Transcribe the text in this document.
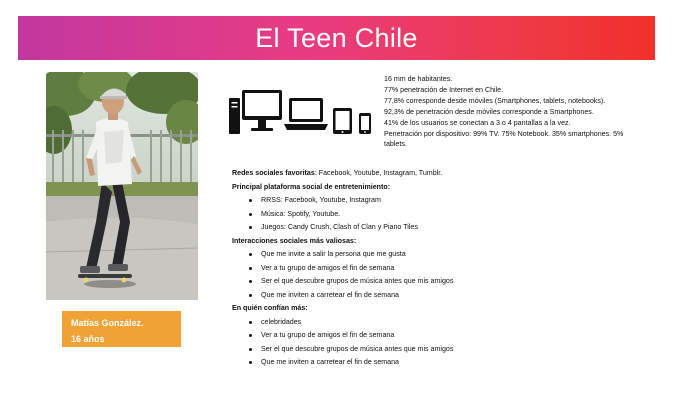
El Teen Chile
Matías González.
16 años

16 mm de habitantes.

77% penetración de Internet en Chile.

77,8% corresponde desde móviles (Smartphones, tablets, notebooks).

92,3% de penetración desde móviles corresponde a Smartphones.

41% de los usuarios se conectan a 3 o 4 pantallas a la vez.

Penetración por dispositivo: 99% TV. 75% Notebook. 35% smartphones. 5% tablets.

Redes sociales favoritas: Facebook, Youtube, Instagram, Tumblr.
Principal plataforma social de entretenimiento:
RRSS: Facebook, Youtube, Instagram
Música: Spotify, Youtube.
Juegos: Candy Crush, Clash of Clan y Piano Tiles
Interacciones sociales más valiosas:
Que me invite a salir la persona que me gusta
Ver a tu grupo de amigos el fin de semana
Ser el que descubre grupos de música antes que mis amigos
Que me inviten a carretear el fin de semana
En quién confían más:
celebridades
Ver a tu grupo de amigos el fin de semana
Ser el que descubre grupos de música antes que mis amigos
Que me inviten a carretear el fin de semana
